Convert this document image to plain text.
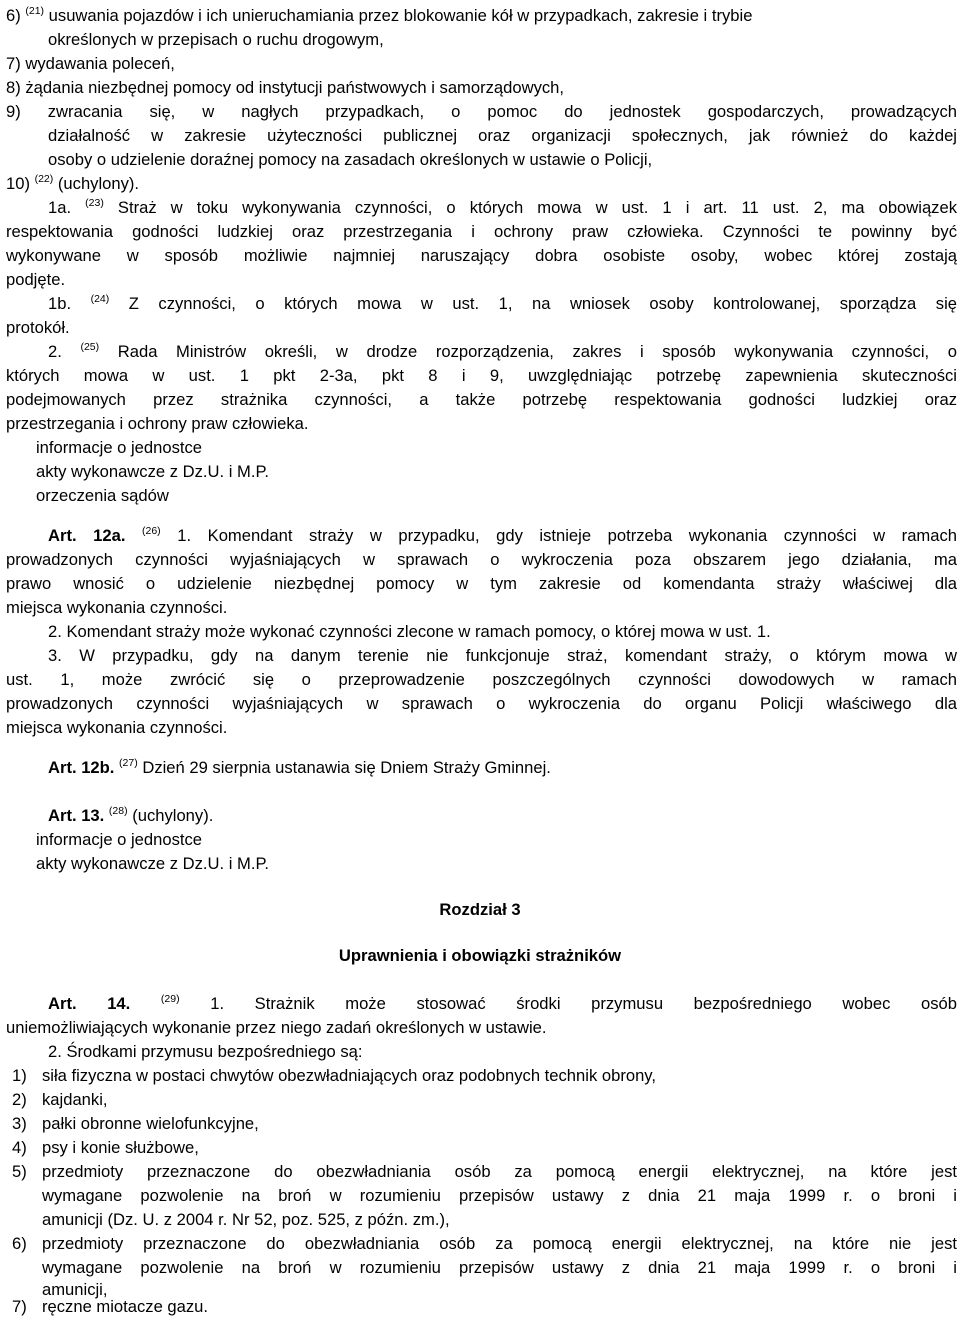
6) $^{(21)}$ usuwania pojazdów i ich unieruchamiania przez blokowanie kół w przypadkach, zakresie i trybie
określonych w przepisach o ruchu drogowym,
7) wydawania poleceń,
8) żądania niezbędnej pomocy od instytucji państwowych i samorządowych,
9) zwracania się, w nagłych przypadkach, o pomoc do jednostek gospodarczych, prowadzących
działalność w zakresie użyteczności publicznej oraz organizacji społecznych, jak również do każdej
osoby o udzielenie doraźnej pomocy na zasadach określonych w ustawie o Policji,
10) $^{(22)}$ (uchylony).
1a. $^{(23)}$ Straż w toku wykonywania czynności, o których mowa w ust. 1 i art. 11 ust. 2, ma obowiązek
respektowania godności ludzkiej oraz przestrzegania i ochrony praw człowieka. Czynności te powinny być
wykonywane w sposób możliwie najmniej naruszający dobra osobiste osoby, wobec której zostają
podjęte.
1b. $^{(24)}$ Z czynności, o których mowa w ust. 1, na wniosek osoby kontrolowanej, sporządza się
protokół.
2. $^{(25)}$ Rada Ministrów określi, w drodze rozporządzenia, zakres i sposób wykonywania czynności, o
których mowa w ust. 1 pkt 2-3a, pkt 8 i 9, uwzględniając potrzebę zapewnienia skuteczności
podejmowanych przez strażnika czynności, a także potrzebę respektowania godności ludzkiej oraz
przestrzegania i ochrony praw człowieka.
informacje o jednostce
akty wykonawcze z Dz.U. i M.P.
orzeczenia sądów
Art. 12a. $^{(26)}$ 1. Komendant straży w przypadku, gdy istnieje potrzeba wykonania czynności w ramach
prowadzonych czynności wyjaśniających w sprawach o wykroczenia poza obszarem jego działania, ma
prawo wnosić o udzielenie niezbędnej pomocy w tym zakresie od komendanta straży właściwej dla
miejsca wykonania czynności.
2. Komendant straży może wykonać czynności zlecone w ramach pomocy, o której mowa w ust. 1.
3. W przypadku, gdy na danym terenie nie funkcjonuje straż, komendant straży, o którym mowa w
ust. 1, może zwrócić się o przeprowadzenie poszczególnych czynności dowodowych w ramach
prowadzonych czynności wyjaśniających w sprawach o wykroczenia do organu Policji właściwego dla
miejsca wykonania czynności.
Art. 12b. $^{(27)}$ Dzień 29 sierpnia ustanawia się Dniem Straży Gminnej.
Art. 13. $^{(28)}$ (uchylony).
informacje o jednostce
akty wykonawcze z Dz.U. i M.P.
Rozdział 3
Uprawnienia i obowiązki strażników
Art. 14.	$^{(29)}$ 1. Strażnik może stosować środki przymusu bezpośredniego wobec osób
uniemożliwiających wykonanie przez niego zadań określonych w ustawie.
2. Środkami przymusu bezpośredniego są:
1) siła fizyczna w postaci chwytów obezwładniających oraz podobnych technik obrony,
2) kajdanki,
3) pałki obronne wielofunkcyjne,
4) psy i konie służbowe,
5) przedmioty przeznaczone do obezwładniania osób za pomocą energii elektrycznej, na które jest
wymagane pozwolenie na broń w rozumieniu przepisów ustawy z dnia 21 maja 1999 r. o broni i
amunicji (Dz. U. z 2004 r. Nr 52, poz. 525, z późn. zm.),
6) przedmioty przeznaczone do obezwładniania osób za pomocą energii elektrycznej, na które nie jest
wymagane pozwolenie na broń w rozumieniu przepisów ustawy z dnia 21 maja 1999 r. o broni i
amunicji,
7) ręczne miotacze gazu.
